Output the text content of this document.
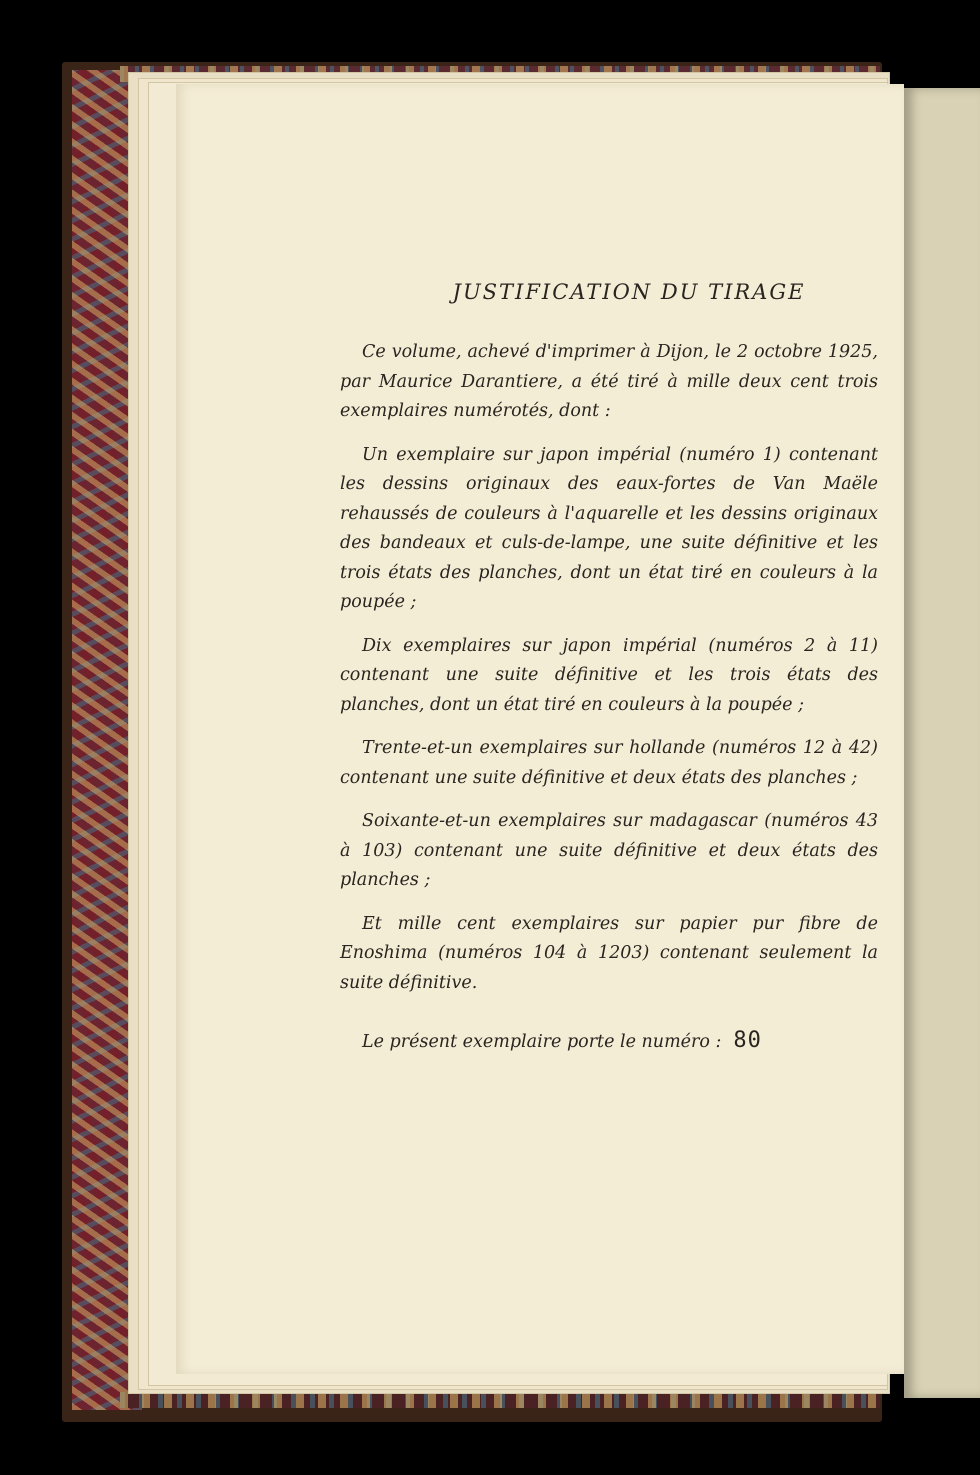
JUSTIFICATION DU TIRAGE

Ce volume, achevé d'imprimer à Dijon, le 2 octobre 1925, par Maurice Darantiere, a été tiré à mille deux cent trois exemplaires numérotés, dont :

Un exemplaire sur japon impérial (numéro 1) contenant les dessins originaux des eaux-fortes de Van Maële rehaussés de couleurs à l'aquarelle et les dessins originaux des bandeaux et culs-de-lampe, une suite définitive et les trois états des planches, dont un état tiré en couleurs à la poupée ;

Dix exemplaires sur japon impérial (numéros 2 à 11) contenant une suite définitive et les trois états des planches, dont un état tiré en couleurs à la poupée ;

Trente-et-un exemplaires sur hollande (numéros 12 à 42) contenant une suite définitive et deux états des planches ;

Soixante-et-un exemplaires sur madagascar (numéros 43 à 103) contenant une suite définitive et deux états des planches ;

Et mille cent exemplaires sur papier pur fibre de Enoshima (numéros 104 à 1203) contenant seulement la suite définitive.

Le présent exemplaire porte le numéro : 80
